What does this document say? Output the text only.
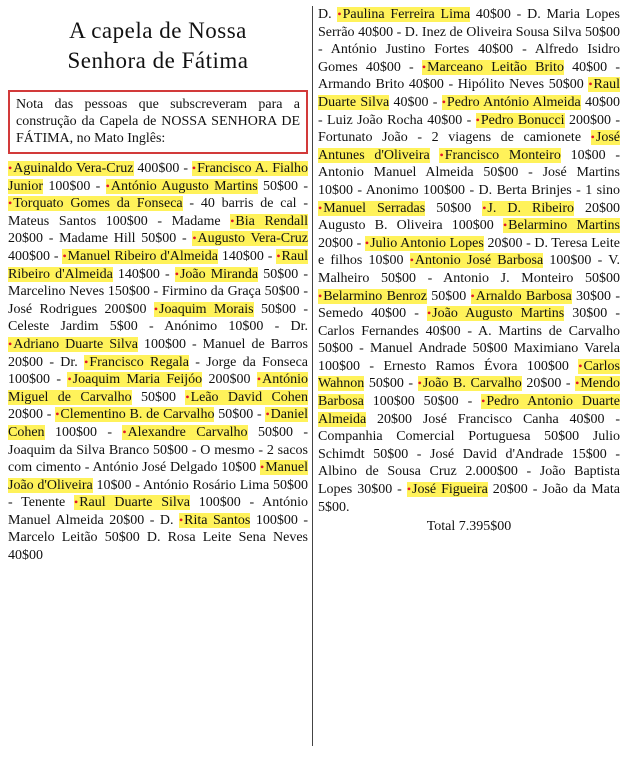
A capela de Nossa
Senhora de Fátima
Nota das pessoas que subscreveram para a construção da Capela de NOSSA SENHORA DE FÁTIMA, no Mato Inglês:

• Aguinaldo Vera-Cruz 400$00 - • Francisco A. Fialho Junior 100$00 - • António Augusto Martins 50$00 - • Torquato Gomes da Fonseca - 40 barris de cal - Mateus Santos 100$00 - Madame • Bia Rendall 20$00 - Madame Hill 50$00 - • Augusto Vera-Cruz 400$00 - • Manuel Ribeiro d'Almeida 140$00 - • Raul Ribeiro d'Almeida 140$00 - • João Miranda 50$00 - Marcelino Neves 150$00 - Firmino da Graça 50$00 - José Rodrigues 200$00 • Joaquim Morais 50$00 - Celeste Jardim 5$00 - Anónimo 10$00 - Dr. • Adriano Duarte Silva 100$00 - Manuel de Barros 20$00 - Dr. • Francisco Regala - Jorge da Fonseca 100$00 - • Joaquim Maria Feijóo 200$00 • António Miguel de Carvalho 50$00 • Leão David Cohen 20$00 - • Clementino B. de Carvalho 50$00 - • Daniel Cohen 100$00 - • Alexandre Carvalho 50$00 - Joaquim da Silva Branco 50$00 - O mesmo - 2 sacos com cimento - António José Delgado 10$00 • Manuel João d'Oliveira 10$00 - António Rosário Lima 50$00 - Tenente • Raul Duarte Silva 100$00 - António Manuel Almeida 20$00 - D. • Rita Santos 100$00 - Marcelo Leitão 50$00 D. Rosa Leite Sena Neves 40$00

D. • Paulina Ferreira Lima 40$00 - D. Maria Lopes Serrão 40$00 - D. Inez de Oliveira Sousa Silva 50$00 - António Justino Fortes 40$00 - Alfredo Isidro Gomes 40$00 - • Marceano Leitão Brito 40$00 - Armando Brito 40$00 - Hipólito Neves 50$00 • Raul Duarte Silva 40$00 - • Pedro António Almeida 40$00 - Luiz João Rocha 40$00 - • Pedro Bonucci 200$00 - Fortunato João - 2 viagens de camionete • José Antunes d'Oliveira • Francisco Monteiro 10$00 - Antonio Manuel Almeida 50$00 - José Martins 10$00 - Anonimo 100$00 - D. Berta Brinjes - 1 sino • Manuel Serradas 50$00 • J. D. Ribeiro 20$00 Augusto B. Oliveira 100$00 • Belarmino Martins 20$00 - • Julio Antonio Lopes 20$00 - D. Teresa Leite e filhos 10$00 • Antonio José Barbosa 100$00 - V. Malheiro 50$00 - Antonio J. Monteiro 50$00 • Belarmino Benroz 50$00 • Arnaldo Barbosa 30$00 - Semedo 40$00 - • João Augusto Martins 30$00 - Carlos Fernandes 40$00 - A. Martins de Carvalho 50$00 - Manuel Andrade 50$00 Maximiano Varela 100$00 - Ernesto Ramos Évora 100$00 • Carlos Wahnon 50$00 - • João B. Carvalho 20$00 - • Mendo Barbosa 100$00 50$00 - • Pedro Antonio Duarte Almeida 20$00 José Francisco Canha 40$00 - Companhia Comercial Portuguesa 50$00 Julio Schimdt 50$00 - José David d'Andrade 15$00 - Albino de Sousa Cruz 2.000$00 - João Baptista Lopes 30$00 - • José Figueira 20$00 - João da Mata 5$00.

Total 7.395$00
